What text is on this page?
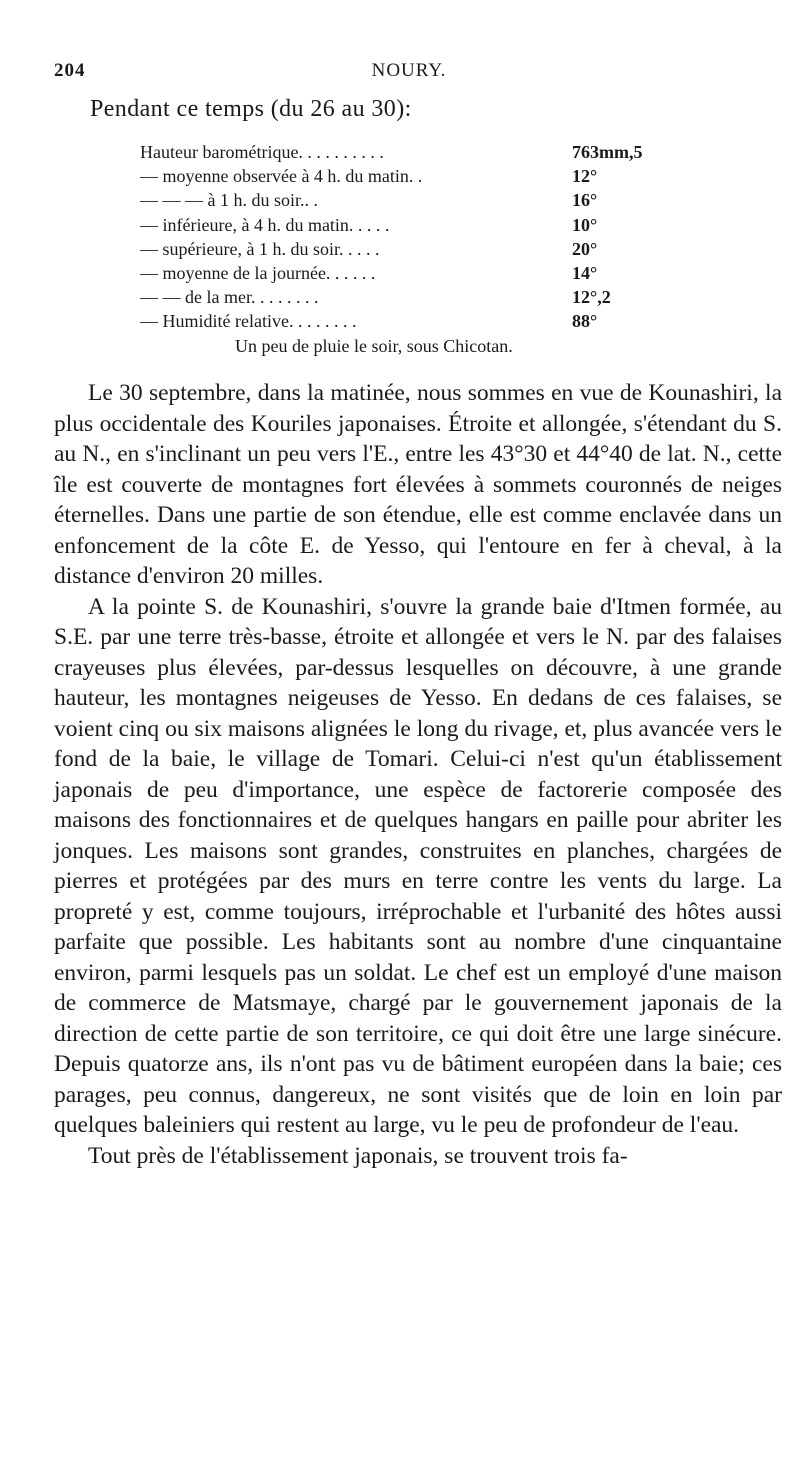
204	NOURY.
Pendant ce temps (du 26 au 30):
Hauteur barométrique. . . . . . . . . .	763mm,5
— moyenne observée à 4 h. du matin. .	12°
— — — à 1 h. du soir.. .	16°
— inférieure, à 4 h. du matin. . . . .	10°
— supérieure, à 1 h. du soir. . . . .	20°
— moyenne de la journée. . . . . .	14°
— — de la mer. . . . . . . .	12°,2
— Humidité relative. . . . . . . .	88°
Un peu de pluie le soir, sous Chicotan.

Le 30 septembre, dans la matinée, nous sommes en vue de Kounashiri, la plus occidentale des Kouriles japonaises. Étroite et allongée, s'étendant du S. au N., en s'inclinant un peu vers l'E., entre les 43°30 et 44°40 de lat. N., cette île est couverte de montagnes fort élevées à sommets couronnés de neiges éternelles. Dans une partie de son étendue, elle est comme enclavée dans un enfoncement de la côte E. de Yesso, qui l'entoure en fer à cheval, à la distance d'environ 20 milles.

A la pointe S. de Kounashiri, s'ouvre la grande baie d'Itmen formée, au S.E. par une terre très-basse, étroite et allongée et vers le N. par des falaises crayeuses plus élevées, par-dessus lesquelles on découvre, à une grande hauteur, les montagnes neigeuses de Yesso. En dedans de ces falaises, se voient cinq ou six maisons alignées le long du rivage, et, plus avancée vers le fond de la baie, le village de Tomari. Celui-ci n'est qu'un établissement japonais de peu d'importance, une espèce de factorerie composée des maisons des fonctionnaires et de quelques hangars en paille pour abriter les jonques. Les maisons sont grandes, construites en planches, chargées de pierres et protégées par des murs en terre contre les vents du large. La propreté y est, comme toujours, irréprochable et l'urbanité des hôtes aussi parfaite que possible. Les habitants sont au nombre d'une cinquantaine environ, parmi lesquels pas un soldat. Le chef est un employé d'une maison de commerce de Matsmaye, chargé par le gouvernement japonais de la direction de cette partie de son territoire, ce qui doit être une large sinécure. Depuis quatorze ans, ils n'ont pas vu de bâtiment européen dans la baie; ces parages, peu connus, dangereux, ne sont visités que de loin en loin par quelques baleiniers qui restent au large, vu le peu de profondeur de l'eau.

Tout près de l'établissement japonais, se trouvent trois fa-
